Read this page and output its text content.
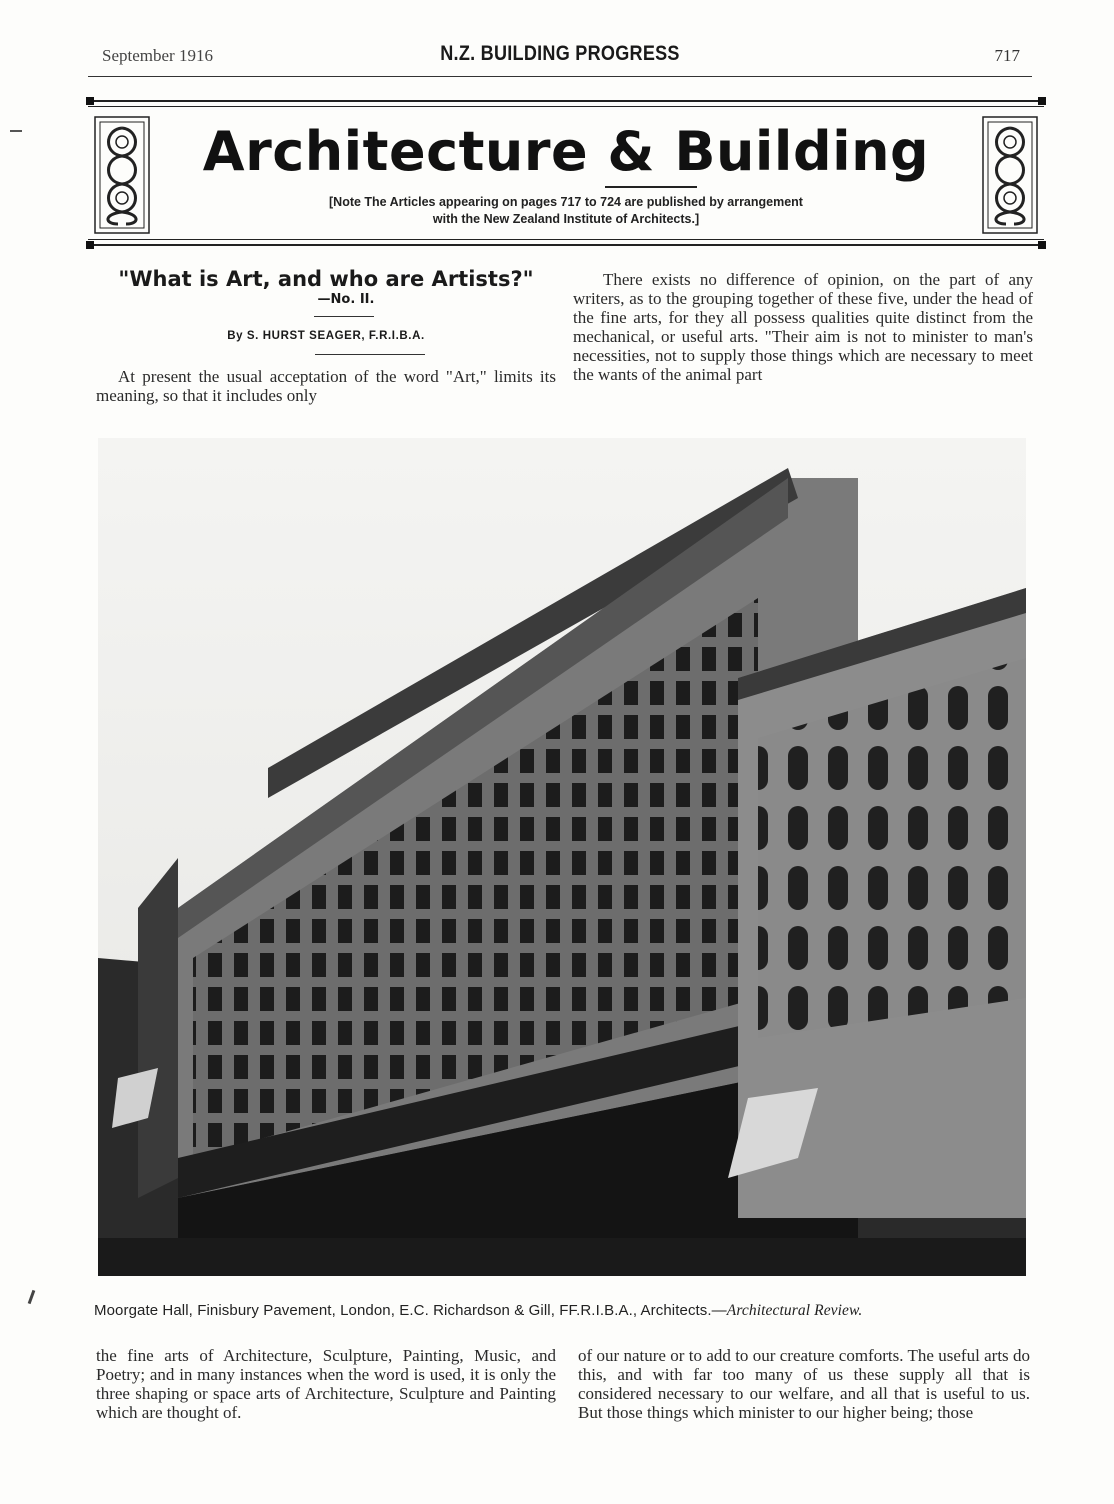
September 1916	N.Z. BUILDING PROGRESS	717
Architecture & Building
[Note The Articles appearing on pages 717 to 724 are published by arrangement
with the New Zealand Institute of Architects.]
"What is Art, and who are Artists?"
—No. II.
By S. HURST SEAGER, F.R.I.B.A.

At present the usual acceptation of the word "Art," limits its meaning, so that it includes only

There exists no difference of opinion, on the part of any writers, as to the grouping together of these five, under the head of the fine arts, for they all possess qualities quite distinct from the mechanical, or useful arts. "Their aim is not to minister to man's necessities, not to supply those things which are necessary to meet the wants of the animal part

Moorgate Hall, Finisbury Pavement, London, E.C. Richardson & Gill, FF.R.I.B.A., Architects.—Architectural Review.

the fine arts of Architecture, Sculpture, Painting, Music, and Poetry; and in many instances when the word is used, it is only the three shaping or space arts of Architecture, Sculpture and Painting which are thought of.

of our nature or to add to our creature comforts. The useful arts do this, and with far too many of us these supply all that is considered necessary to our welfare, and all that is useful to us. But those things which minister to our higher being; those
